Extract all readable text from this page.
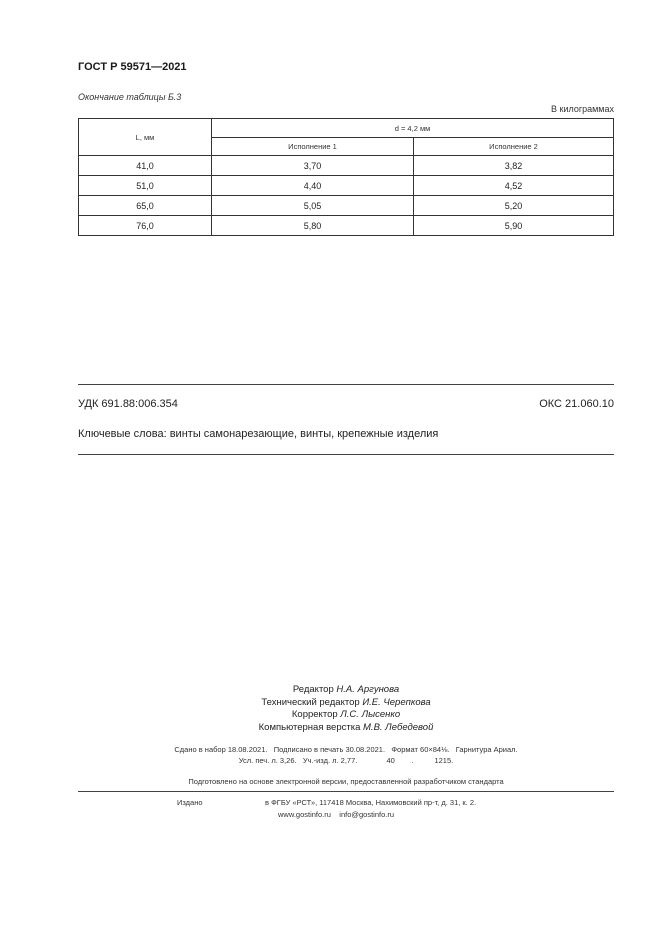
ГОСТ Р 59571—2021
Окончание таблицы Б.3
В килограммах
L, мм	d = 4,2 мм	
	Исполнение 1	Исполнение 2
41,0	3,70	3,82
51,0	4,40	4,52
65,0	5,05	5,20
76,0	5,80	5,90
УДК 691.88:006.354	ОКС 21.060.10
Ключевые слова: винты самонарезающие, винты, крепежные изделия
Редактор Н.А. Аргунова
Технический редактор И.Е. Черепкова
Корректор Л.С. Лысенко
Компьютерная верстка М.В. Лебедевой
Сдано в набор 18.08.2021.   Подписано в печать 30.08.2021.   Формат 60×84⅛.   Гарнитура Ариал.
Усл. печ. л. 3,26.   Уч.-изд. л. 2,77.              40        .          1215.
Подготовлено на основе электронной версии, предоставленной разработчиком стандарта
Издано	в ФГБУ «РСТ», 117418 Москва, Нахимовский пр-т, д. 31, к. 2.
www.gostinfo.ru    info@gostinfo.ru
